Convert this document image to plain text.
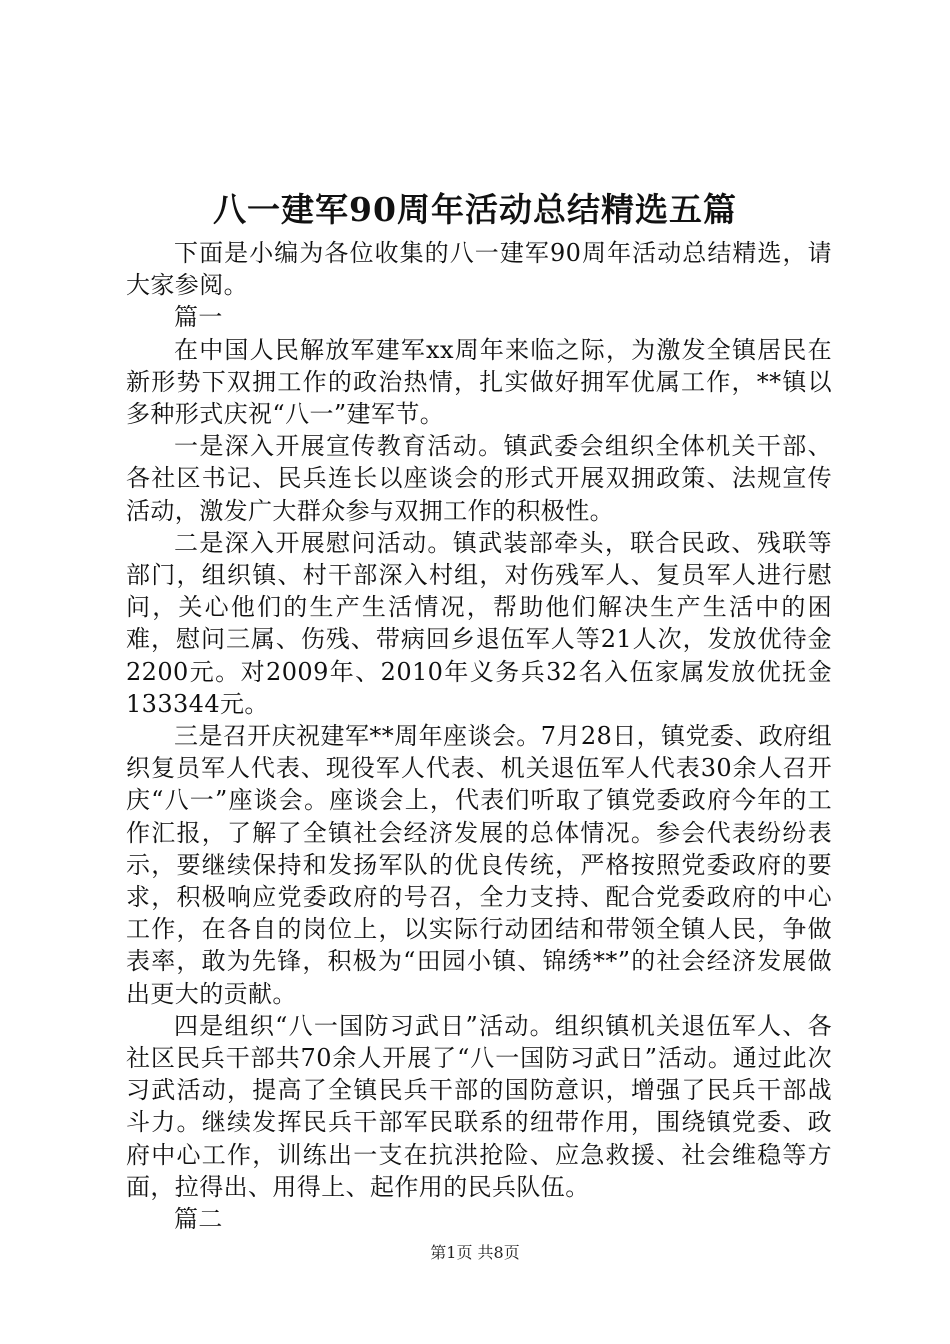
八一建军90周年活动总结精选五篇

下面是小编为各位收集的八一建军90周年活动总结精选，请大家参阅。

篇一

在中国人民解放军建军xx周年来临之际，为激发全镇居民在新形势下双拥工作的政治热情，扎实做好拥军优属工作，**镇以多种形式庆祝“八一”建军节。

一是深入开展宣传教育活动。镇武委会组织全体机关干部、各社区书记、民兵连长以座谈会的形式开展双拥政策、法规宣传活动，激发广大群众参与双拥工作的积极性。

二是深入开展慰问活动。镇武装部牵头，联合民政、残联等部门，组织镇、村干部深入村组，对伤残军人、复员军人进行慰问，关心他们的生产生活情况，帮助他们解决生产生活中的困难，慰问三属、伤残、带病回乡退伍军人等21人次，发放优待金2200元。对2009年、2010年义务兵32名入伍家属发放优抚金133344元。

三是召开庆祝建军**周年座谈会。7月28日，镇党委、政府组织复员军人代表、现役军人代表、机关退伍军人代表30余人召开庆“八一”座谈会。座谈会上，代表们听取了镇党委政府今年的工作汇报，了解了全镇社会经济发展的总体情况。参会代表纷纷表示，要继续保持和发扬军队的优良传统，严格按照党委政府的要求，积极响应党委政府的号召，全力支持、配合党委政府的中心工作，在各自的岗位上，以实际行动团结和带领全镇人民，争做表率，敢为先锋，积极为“田园小镇、锦绣**”的社会经济发展做出更大的贡献。

四是组织“八一国防习武日”活动。组织镇机关退伍军人、各社区民兵干部共70余人开展了“八一国防习武日”活动。通过此次习武活动，提高了全镇民兵干部的国防意识，增强了民兵干部战斗力。继续发挥民兵干部军民联系的纽带作用，围绕镇党委、政府中心工作，训练出一支在抗洪抢险、应急救援、社会维稳等方面，拉得出、用得上、起作用的民兵队伍。

篇二

第1页 共8页
